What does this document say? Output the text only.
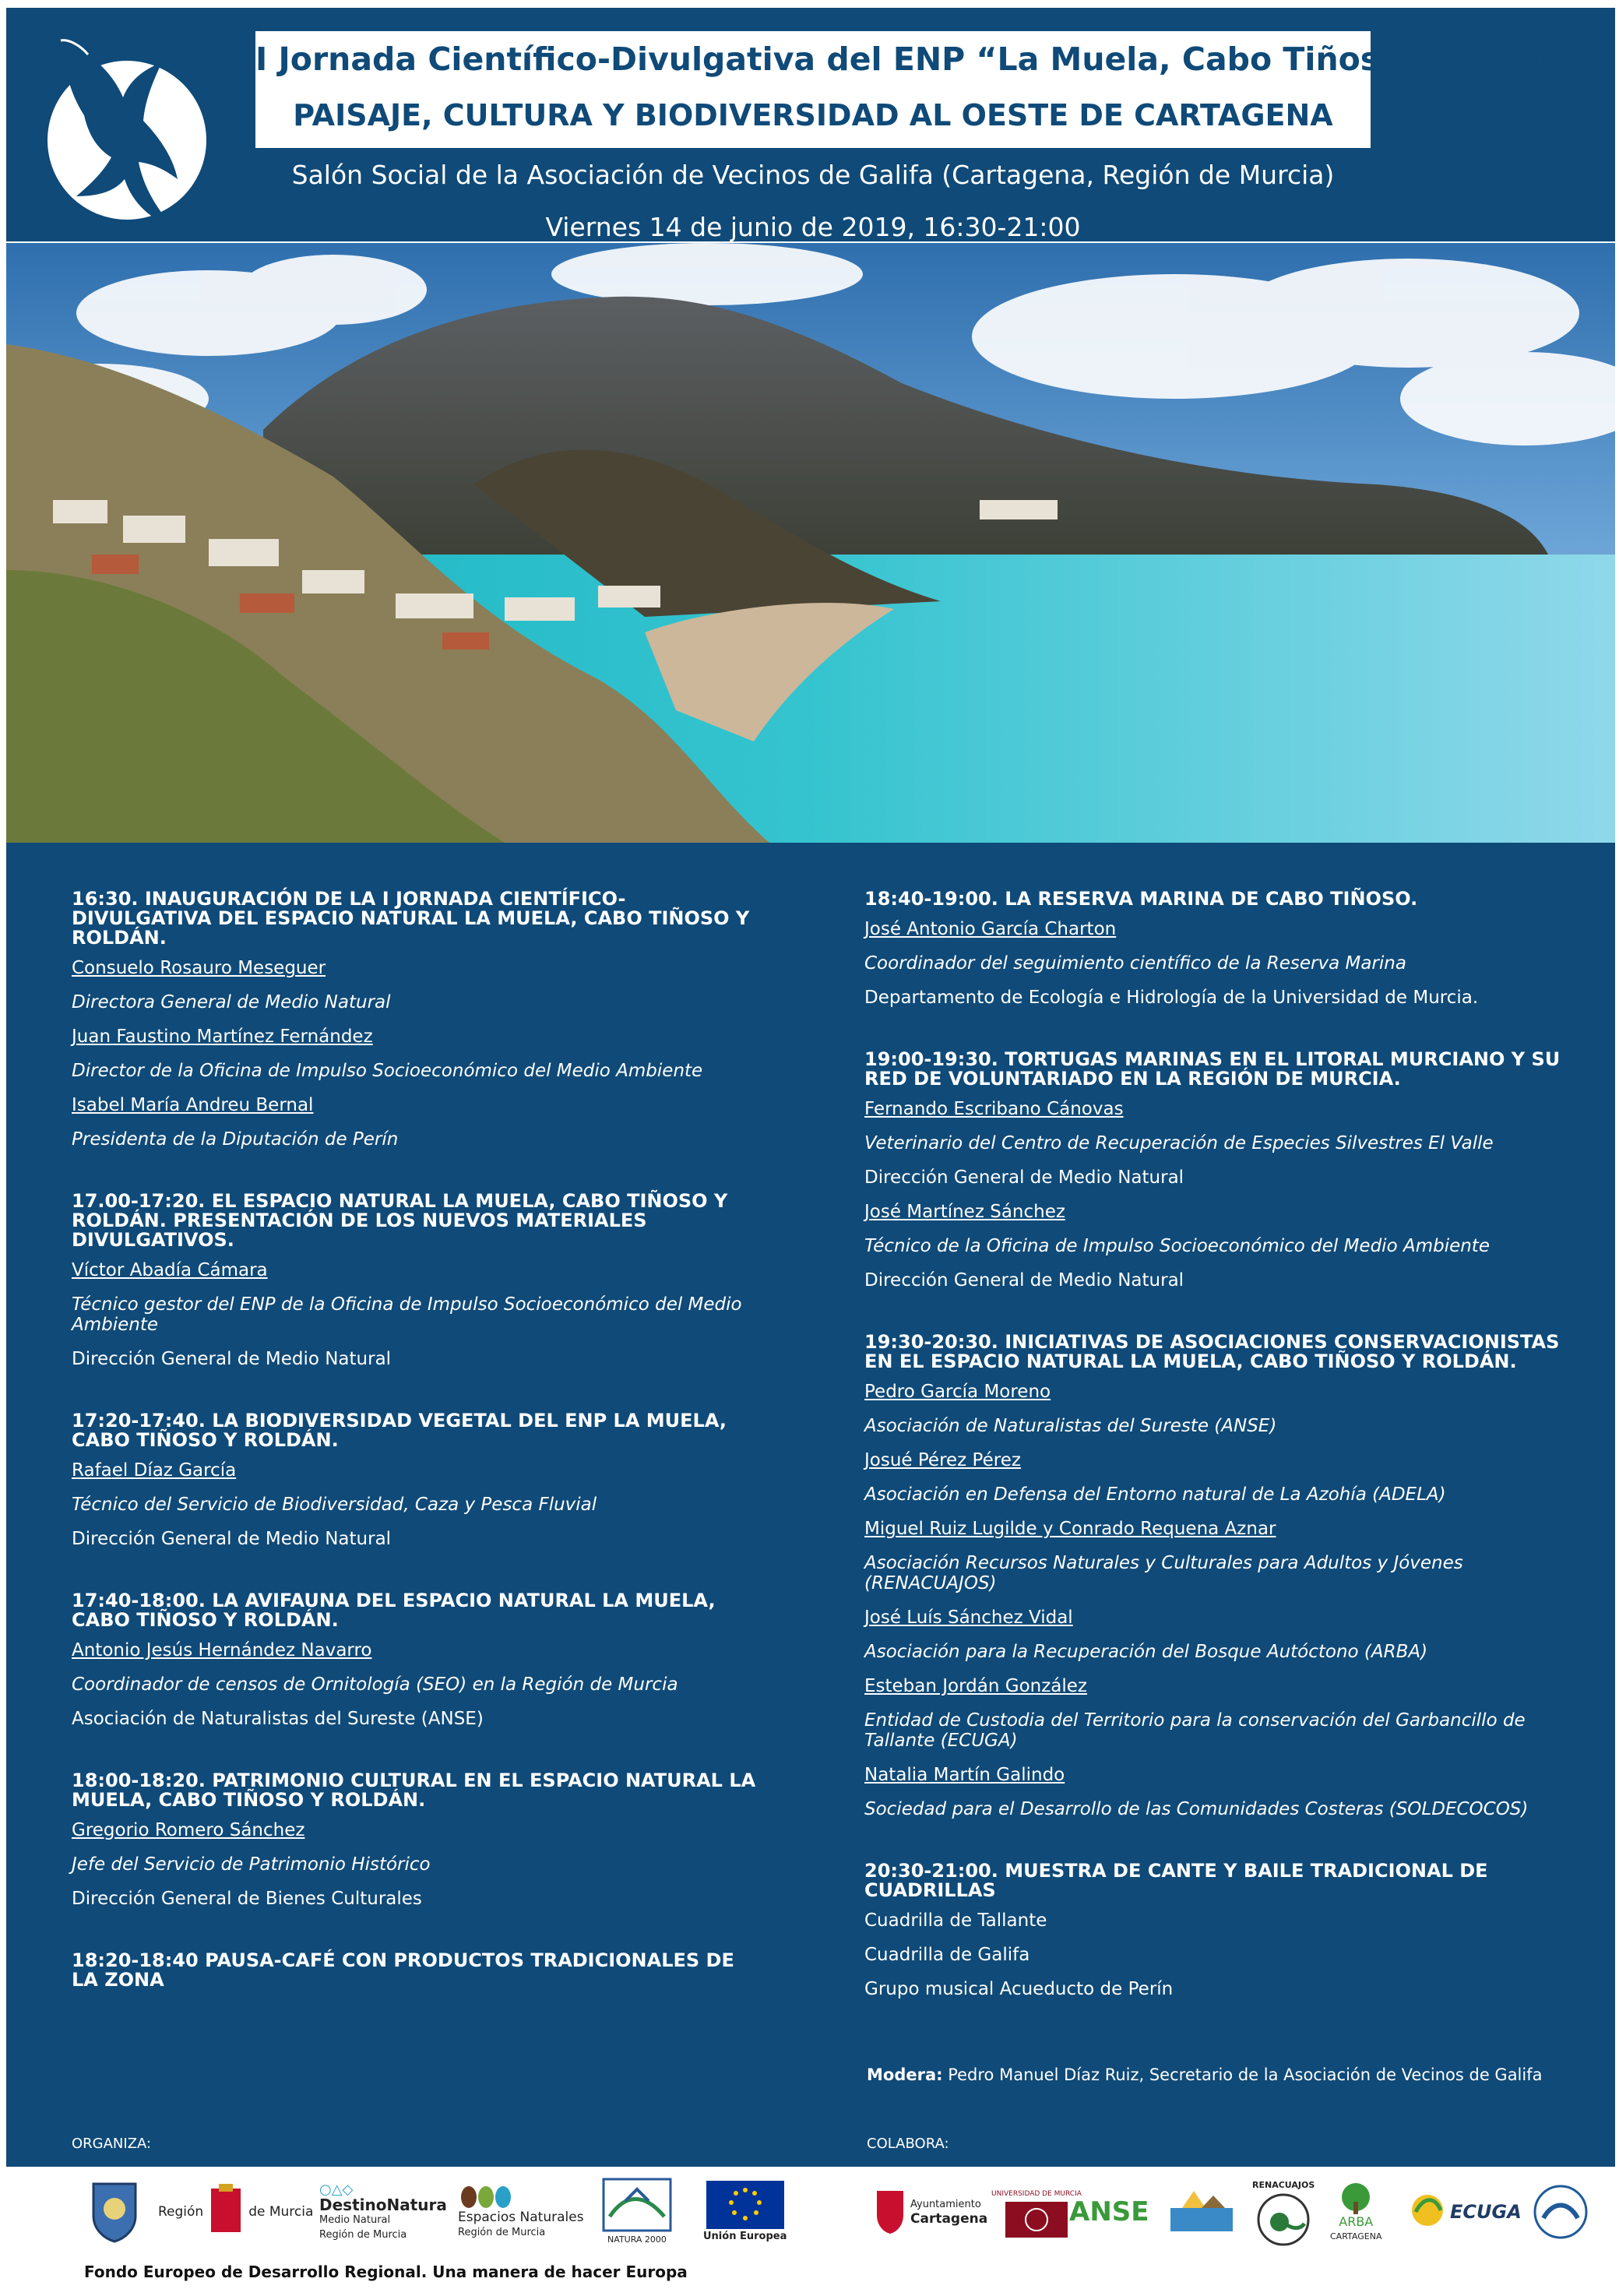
I Jornada Científico-Divulgativa del ENP “La Muela, Cabo Tiñoso y Roldán”
PAISAJE, CULTURA Y BIODIVERSIDAD AL OESTE DE CARTAGENA
Salón Social de la Asociación de Vecinos de Galifa (Cartagena, Región de Murcia)
Viernes 14 de junio de 2019, 16:30-21:00
16:30. INAUGURACIÓN DE LA I JORNADA CIENTÍFICO-DIVULGATIVA DEL ESPACIO NATURAL LA MUELA, CABO TIÑOSO Y ROLDÁN.
Consuelo Rosauro Meseguer
Directora General de Medio Natural
Juan Faustino Martínez Fernández
Director de la Oficina de Impulso Socioeconómico del Medio Ambiente
Isabel María Andreu Bernal
Presidenta de la Diputación de Perín
17.00-17:20. EL ESPACIO NATURAL LA MUELA, CABO TIÑOSO Y ROLDÁN. PRESENTACIÓN DE LOS NUEVOS MATERIALES DIVULGATIVOS.
Víctor Abadía Cámara
Técnico gestor del ENP de la Oficina de Impulso Socioeconómico del Medio Ambiente
Dirección General de Medio Natural
17:20-17:40. LA BIODIVERSIDAD VEGETAL DEL ENP LA MUELA, CABO TIÑOSO Y ROLDÁN.
Rafael Díaz García
Técnico del Servicio de Biodiversidad, Caza y Pesca Fluvial
Dirección General de Medio Natural
17:40-18:00. LA AVIFAUNA DEL ESPACIO NATURAL LA MUELA, CABO TIÑOSO Y ROLDÁN.
Antonio Jesús Hernández Navarro
Coordinador de censos de Ornitología (SEO) en la Región de Murcia
Asociación de Naturalistas del Sureste (ANSE)
18:00-18:20. PATRIMONIO CULTURAL EN EL ESPACIO NATURAL LA MUELA, CABO TIÑOSO Y ROLDÁN.
Gregorio Romero Sánchez
Jefe del Servicio de Patrimonio Histórico
Dirección General de Bienes Culturales
18:20-18:40 PAUSA-CAFÉ CON PRODUCTOS TRADICIONALES DE LA ZONA
18:40-19:00. LA RESERVA MARINA DE CABO TIÑOSO.
José Antonio García Charton
Coordinador del seguimiento científico de la Reserva Marina
Departamento de Ecología e Hidrología de la Universidad de Murcia.
19:00-19:30. TORTUGAS MARINAS EN EL LITORAL MURCIANO Y SU RED DE VOLUNTARIADO EN LA REGIÓN DE MURCIA.
Fernando Escribano Cánovas
Veterinario del Centro de Recuperación de Especies Silvestres El Valle
Dirección General de Medio Natural
José Martínez Sánchez
Técnico de la Oficina de Impulso Socioeconómico del Medio Ambiente
Dirección General de Medio Natural
19:30-20:30. INICIATIVAS DE ASOCIACIONES CONSERVACIONISTAS EN EL ESPACIO NATURAL LA MUELA, CABO TIÑOSO Y ROLDÁN.
Pedro García Moreno
Asociación de Naturalistas del Sureste (ANSE)
Josué Pérez Pérez
Asociación en Defensa del Entorno natural de La Azohía (ADELA)
Miguel Ruiz Lugilde y Conrado Requena Aznar
Asociación Recursos Naturales y Culturales para Adultos y Jóvenes (RENACUAJOS)
José Luís Sánchez Vidal
Asociación para la Recuperación del Bosque Autóctono (ARBA)
Esteban Jordán González
Entidad de Custodia del Territorio para la conservación del Garbancillo de Tallante (ECUGA)
Natalia Martín Galindo
Sociedad para el Desarrollo de las Comunidades Costeras (SOLDECOCOS)
20:30-21:00. MUESTRA DE CANTE Y BAILE TRADICIONAL DE CUADRILLAS
Cuadrilla de Tallante
Cuadrilla de Galifa
Grupo musical Acueducto de Perín
Modera: Pedro Manuel Díaz Ruiz, Secretario de la Asociación de Vecinos de Galifa
ORGANIZA:	COLABORA:
Región	de Murcia
○△◇
DestinoNatura
Medio Natural
Región de Murcia
Espacios Naturales
Región de Murcia
NATURA 2000	Unión Europea
Ayuntamiento
Cartagena
UNIVERSIDAD DE MURCIA
ANSE
RENACUAJOS
ARBA
CARTAGENA
ECUGA
Fondo Europeo de Desarrollo Regional. Una manera de hacer Europa
